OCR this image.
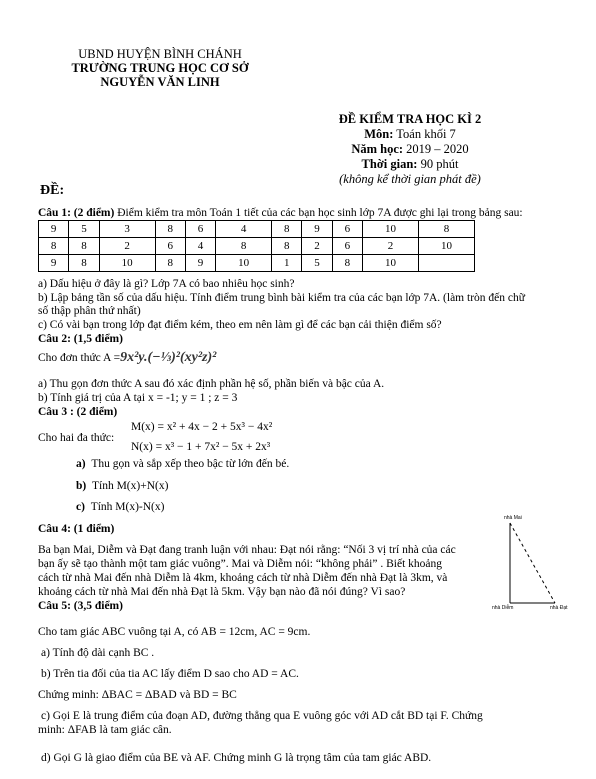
UBND HUYỆN BÌNH CHÁNH
TRƯỜNG TRUNG HỌC CƠ SỞ
NGUYỄN VĂN LINH
ĐỀ KIỂM TRA HỌC KÌ 2
Môn: Toán khối 7
Năm học: 2019 – 2020
Thời gian: 90 phút
(không kể thời gian phát đề)
ĐỀ:
Câu 1: (2 điểm) Điểm kiểm tra môn Toán 1 tiết của các bạn học sinh lớp 7A được ghi lại trong bảng sau:
9	5	3	8	6	4	8	9	6	10	8
8	8	2	6	4	8	8	2	6	2	10
9	8	10	8	9	10	1	5	8	10	
a) Dấu hiệu ở đây là gì? Lớp 7A có bao nhiêu học sinh?
b) Lập bảng tần số của dấu hiệu. Tính điểm trung bình bài kiểm tra của các bạn lớp 7A. (làm tròn đến chữ
số thập phân thứ nhất)
c) Có vài bạn trong lớp đạt điểm kém, theo em nên làm gì để các bạn cải thiện điểm số?
Câu 2: (1,5 điểm)
Cho đơn thức A =9x²y.(−⅓)²(xy²z)²
a) Thu gọn đơn thức A sau đó xác định phần hệ số, phần biến và bậc của A.
b) Tính giá trị của A tại x = -1; y = 1 ; z = 3
Câu 3 : (2 điểm)
Cho hai đa thức:
M(x) = x² + 4x − 2 + 5x³ − 4x²
N(x) = x³ − 1 + 7x² − 5x + 2x³
a) Thu gọn và sắp xếp theo bậc từ lớn đến bé.
b) Tính M(x)+N(x)
c) Tính M(x)-N(x)
Câu 4: (1 điểm)
Ba bạn Mai, Diễm và Đạt đang tranh luận với nhau: Đạt nói rằng: “Nối 3 vị trí nhà của các
bạn ấy sẽ tạo thành một tam giác vuông”. Mai và Diễm nói: “không phải” . Biết khoảng
cách từ nhà Mai đến nhà Diễm là 4km, khoảng cách từ nhà Diễm đến nhà Đạt là 3km, và
khoảng cách từ nhà Mai đến nhà Đạt là 5km. Vậy bạn nào đã nói đúng? Vì sao?
nhà Mai
nhà Diễm	nhà Đạt
Câu 5: (3,5 điểm)
Cho tam giác ABC vuông tại A, có AB = 12cm, AC = 9cm.
a) Tính độ dài cạnh BC .
b) Trên tia đối của tia AC lấy điểm D sao cho AD = AC.
Chứng minh: ΔBAC = ΔBAD và BD = BC
c) Gọi E là trung điểm của đoạn AD, đường thẳng qua E vuông góc với AD cắt BD tại F. Chứng
minh: ΔFAB là tam giác cân.
d) Gọi G là giao điểm của BE và AF. Chứng minh G là trọng tâm của tam giác ABD.
